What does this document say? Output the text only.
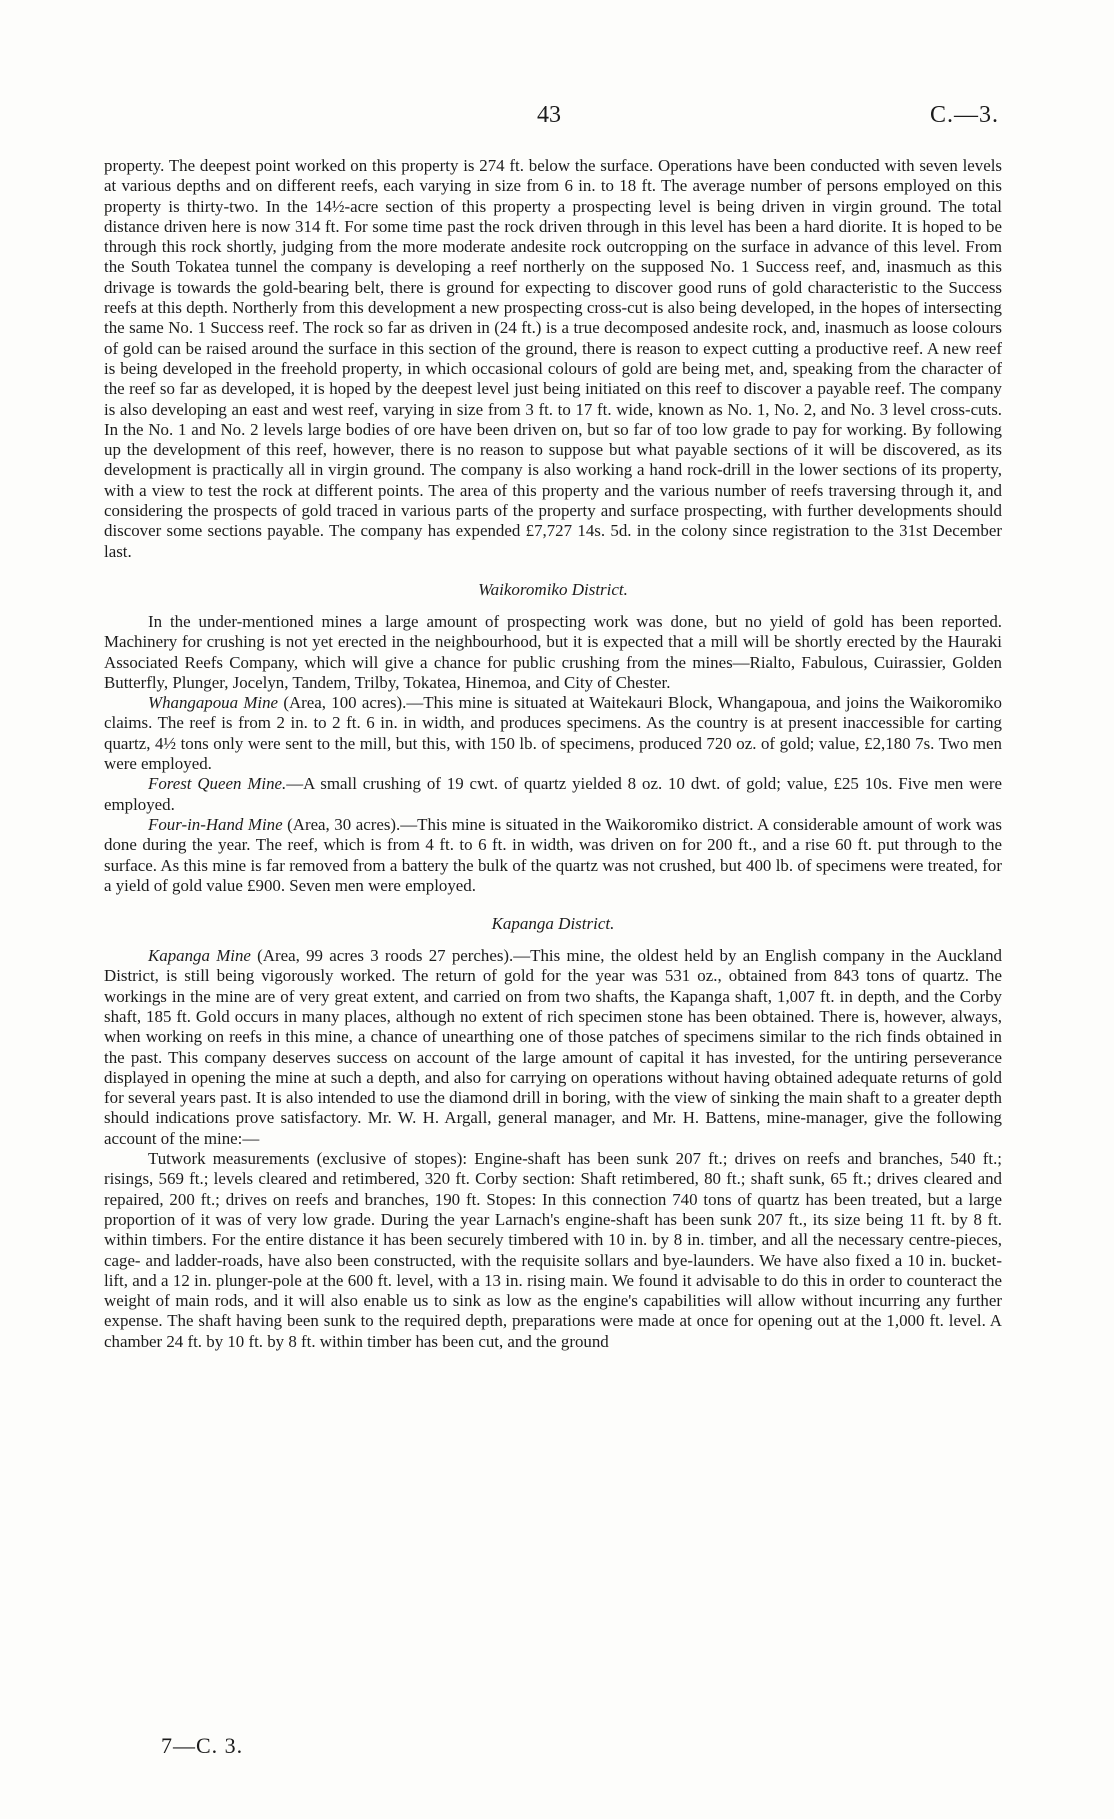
43	C.—3.

property. The deepest point worked on this property is 274 ft. below the surface. Operations have been conducted with seven levels at various depths and on different reefs, each varying in size from 6 in. to 18 ft. The average number of persons employed on this property is thirty-two. In the 14½-acre section of this property a prospecting level is being driven in virgin ground. The total distance driven here is now 314 ft. For some time past the rock driven through in this level has been a hard diorite. It is hoped to be through this rock shortly, judging from the more moderate andesite rock outcropping on the surface in advance of this level. From the South Tokatea tunnel the company is developing a reef northerly on the supposed No. 1 Success reef, and, inasmuch as this drivage is towards the gold-bearing belt, there is ground for expecting to discover good runs of gold characteristic to the Success reefs at this depth. Northerly from this development a new prospecting cross-cut is also being developed, in the hopes of intersecting the same No. 1 Success reef. The rock so far as driven in (24 ft.) is a true decomposed andesite rock, and, inasmuch as loose colours of gold can be raised around the surface in this section of the ground, there is reason to expect cutting a productive reef. A new reef is being developed in the freehold property, in which occasional colours of gold are being met, and, speaking from the character of the reef so far as developed, it is hoped by the deepest level just being initiated on this reef to discover a payable reef. The company is also developing an east and west reef, varying in size from 3 ft. to 17 ft. wide, known as No. 1, No. 2, and No. 3 level cross-cuts. In the No. 1 and No. 2 levels large bodies of ore have been driven on, but so far of too low grade to pay for working. By following up the development of this reef, however, there is no reason to suppose but what payable sections of it will be discovered, as its development is practically all in virgin ground. The company is also working a hand rock-drill in the lower sections of its property, with a view to test the rock at different points. The area of this property and the various number of reefs traversing through it, and considering the prospects of gold traced in various parts of the property and surface prospecting, with further developments should discover some sections payable. The company has expended £7,727 14s. 5d. in the colony since registration to the 31st December last.

Waikoromiko District.

In the under-mentioned mines a large amount of prospecting work was done, but no yield of gold has been reported. Machinery for crushing is not yet erected in the neighbourhood, but it is expected that a mill will be shortly erected by the Hauraki Associated Reefs Company, which will give a chance for public crushing from the mines—Rialto, Fabulous, Cuirassier, Golden Butterfly, Plunger, Jocelyn, Tandem, Trilby, Tokatea, Hinemoa, and City of Chester.

Whangapoua Mine (Area, 100 acres).—This mine is situated at Waitekauri Block, Whangapoua, and joins the Waikoromiko claims. The reef is from 2 in. to 2 ft. 6 in. in width, and produces specimens. As the country is at present inaccessible for carting quartz, 4½ tons only were sent to the mill, but this, with 150 lb. of specimens, produced 720 oz. of gold; value, £2,180 7s. Two men were employed.

Forest Queen Mine.—A small crushing of 19 cwt. of quartz yielded 8 oz. 10 dwt. of gold; value, £25 10s. Five men were employed.

Four-in-Hand Mine (Area, 30 acres).—This mine is situated in the Waikoromiko district. A considerable amount of work was done during the year. The reef, which is from 4 ft. to 6 ft. in width, was driven on for 200 ft., and a rise 60 ft. put through to the surface. As this mine is far removed from a battery the bulk of the quartz was not crushed, but 400 lb. of specimens were treated, for a yield of gold value £900. Seven men were employed.

Kapanga District.

Kapanga Mine (Area, 99 acres 3 roods 27 perches).—This mine, the oldest held by an English company in the Auckland District, is still being vigorously worked. The return of gold for the year was 531 oz., obtained from 843 tons of quartz. The workings in the mine are of very great extent, and carried on from two shafts, the Kapanga shaft, 1,007 ft. in depth, and the Corby shaft, 185 ft. Gold occurs in many places, although no extent of rich specimen stone has been obtained. There is, however, always, when working on reefs in this mine, a chance of unearthing one of those patches of specimens similar to the rich finds obtained in the past. This company deserves success on account of the large amount of capital it has invested, for the untiring perseverance displayed in opening the mine at such a depth, and also for carrying on operations without having obtained adequate returns of gold for several years past. It is also intended to use the diamond drill in boring, with the view of sinking the main shaft to a greater depth should indications prove satisfactory. Mr. W. H. Argall, general manager, and Mr. H. Battens, mine-manager, give the following account of the mine:—

Tutwork measurements (exclusive of stopes): Engine-shaft has been sunk 207 ft.; drives on reefs and branches, 540 ft.; risings, 569 ft.; levels cleared and retimbered, 320 ft. Corby section: Shaft retimbered, 80 ft.; shaft sunk, 65 ft.; drives cleared and repaired, 200 ft.; drives on reefs and branches, 190 ft. Stopes: In this connection 740 tons of quartz has been treated, but a large proportion of it was of very low grade. During the year Larnach's engine-shaft has been sunk 207 ft., its size being 11 ft. by 8 ft. within timbers. For the entire distance it has been securely timbered with 10 in. by 8 in. timber, and all the necessary centre-pieces, cage- and ladder-roads, have also been constructed, with the requisite sollars and bye-launders. We have also fixed a 10 in. bucket-lift, and a 12 in. plunger-pole at the 600 ft. level, with a 13 in. rising main. We found it advisable to do this in order to counteract the weight of main rods, and it will also enable us to sink as low as the engine's capabilities will allow without incurring any further expense. The shaft having been sunk to the required depth, preparations were made at once for opening out at the 1,000 ft. level. A chamber 24 ft. by 10 ft. by 8 ft. within timber has been cut, and the ground

7—C. 3.
